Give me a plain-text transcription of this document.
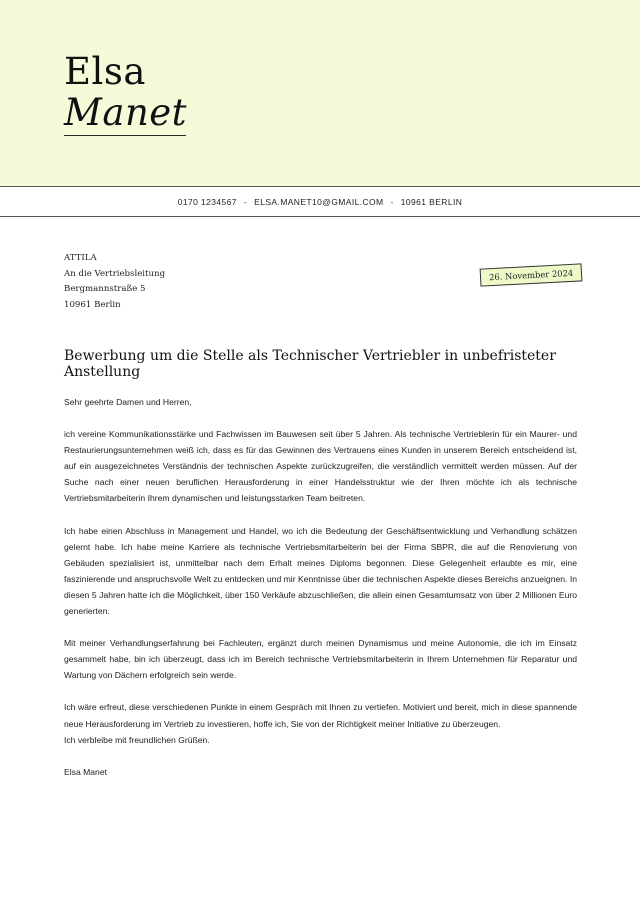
Elsa
Manet
0170 1234567 - ELSA.MANET10@GMAIL.COM - 10961 BERLIN
ATTILA
An die Vertriebsleitung
Bergmannstraße 5
10961 Berlin
26. November 2024
Bewerbung um die Stelle als Technischer Vertriebler in unbefristeter Anstellung

Sehr geehrte Damen und Herren,

ich vereine Kommunikationsstärke und Fachwissen im Bauwesen seit über 5 Jahren. Als technische Vertrieblerin für ein Maurer- und Restaurierungsunternehmen weiß ich, dass es für das Gewinnen des Vertrauens eines Kunden in unserem Bereich entscheidend ist, auf ein ausgezeichnetes Verständnis der technischen Aspekte zurückzugreifen, die verständlich vermittelt werden müssen. Auf der Suche nach einer neuen beruflichen Herausforderung in einer Handelsstruktur wie der Ihren möchte ich als technische Vertriebsmitarbeiterin Ihrem dynamischen und leistungsstarken Team beitreten.

Ich habe einen Abschluss in Management und Handel, wo ich die Bedeutung der Geschäftsentwicklung und Verhandlung schätzen gelernt habe. Ich habe meine Karriere als technische Vertriebsmitarbeiterin bei der Firma SBPR, die auf die Renovierung von Gebäuden spezialisiert ist, unmittelbar nach dem Erhalt meines Diploms begonnen. Diese Gelegenheit erlaubte es mir, eine faszinierende und anspruchsvolle Welt zu entdecken und mir Kenntnisse über die technischen Aspekte dieses Bereichs anzueignen. In diesen 5 Jahren hatte ich die Möglichkeit, über 150 Verkäufe abzuschließen, die allein einen Gesamtumsatz von über 2 Millionen Euro generierten.

Mit meiner Verhandlungserfahrung bei Fachleuten, ergänzt durch meinen Dynamismus und meine Autonomie, die ich im Einsatz gesammelt habe, bin ich überzeugt, dass ich im Bereich technische Vertriebsmitarbeiterin in Ihrem Unternehmen für Reparatur und Wartung von Dächern erfolgreich sein werde.

Ich wäre erfreut, diese verschiedenen Punkte in einem Gespräch mit Ihnen zu vertiefen. Motiviert und bereit, mich in diese spannende neue Herausforderung im Vertrieb zu investieren, hoffe ich, Sie von der Richtigkeit meiner Initiative zu überzeugen.
Ich verbleibe mit freundlichen Grüßen.

Elsa Manet
